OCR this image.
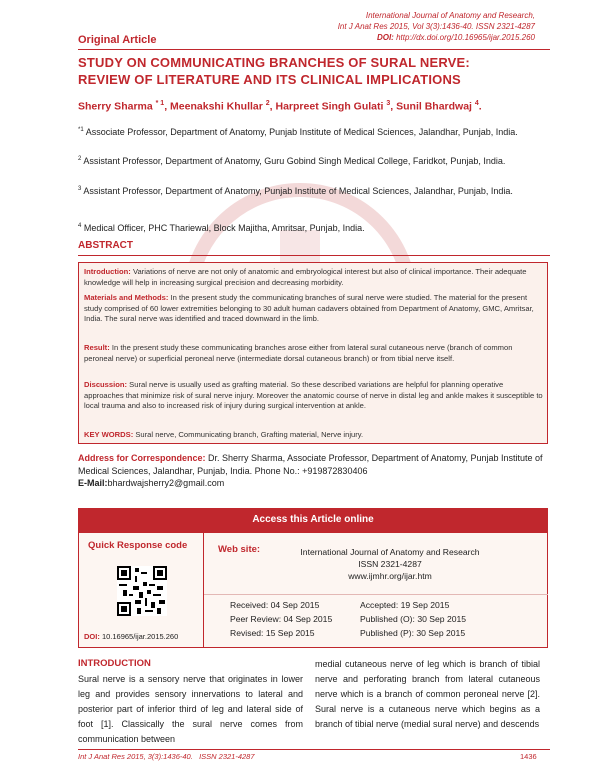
International Journal of Anatomy and Research,
Int J Anat Res 2015, Vol 3(3):1436-40. ISSN 2321-4287
DOI: http://dx.doi.org/10.16965/ijar.2015.260
Original Article
STUDY ON COMMUNICATING BRANCHES OF SURAL NERVE:
REVIEW OF LITERATURE AND ITS CLINICAL IMPLICATIONS
Sherry Sharma $^{* 1}$, Meenakshi Khullar $^2$, Harpreet Singh Gulati $^3$, Sunil Bhardwaj $^4$.
$^{*1}$ Associate Professor, Department of Anatomy, Punjab Institute of Medical Sciences, Jalandhar, Punjab, India.
$^2$ Assistant Professor, Department of Anatomy, Guru Gobind Singh Medical College, Faridkot, Punjab, India.
$^3$ Assistant Professor, Department of Anatomy, Punjab Institute of Medical Sciences, Jalandhar, Punjab, India.
$^4$ Medical Officer, PHC Thariewal, Block Majitha, Amritsar, Punjab, India.
ABSTRACT

Introduction: Variations of nerve are not only of anatomic and embryological interest but also of clinical importance. Their adequate knowledge will help in increasing surgical precision and decreasing morbidity.

Materials and Methods: In the present study the communicating branches of sural nerve were studied. The material for the present study comprised of 60 lower extremities belonging to 30 adult human cadavers obtained from Department of Anatomy, GMC, Amritsar, India. The sural nerve was identified and traced downward in the limb.

Result: In the present study these communicating branches arose either from lateral sural cutaneous nerve (branch of common peroneal nerve) or superficial peroneal nerve (intermediate dorsal cutaneous branch) or from tibial nerve itself.

Discussion: Sural nerve is usually used as grafting material. So these described variations are helpful for planning operative approaches that minimize risk of sural nerve injury. Moreover the anatomic course of nerve in distal leg and ankle makes it susceptible to local trauma and also to increased risk of injury during surgical intervention at ankle.

KEY WORDS: Sural nerve, Communicating branch, Grafting material, Nerve injury.

Address for Correspondence: Dr. Sherry Sharma, Associate Professor, Department of Anatomy, Punjab Institute of Medical Sciences, Jalandhar, Punjab, India. Phone No.: +919872830406
E-Mail:bhardwajsherry2@gmail.com
Access this Article online
Quick Response code
DOI: 10.16965/ijar.2015.260
Web site:	International Journal of Anatomy and Research
ISSN 2321-4287
www.ijmhr.org/ijar.htm
Received: 04 Sep 2015	Accepted: 19 Sep 2015
Peer Review: 04 Sep 2015	Published (O): 30 Sep 2015
Revised: 15 Sep 2015	Published (P): 30 Sep 2015
INTRODUCTION
Sural nerve is a sensory nerve that originates in lower leg and provides sensory innervations to lateral and posterior part of inferior third of leg and lateral side of foot [1]. Classically the sural nerve comes from communication between
medial cutaneous nerve of leg which is branch of tibial nerve and perforating branch from lateral cutaneous nerve which is a branch of common peroneal nerve [2]. Sural nerve is a cutaneous nerve which begins as a branch of tibial nerve (medial sural nerve) and descends
Int J Anat Res 2015, 3(3):1436-40. ISSN 2321-4287	1436
